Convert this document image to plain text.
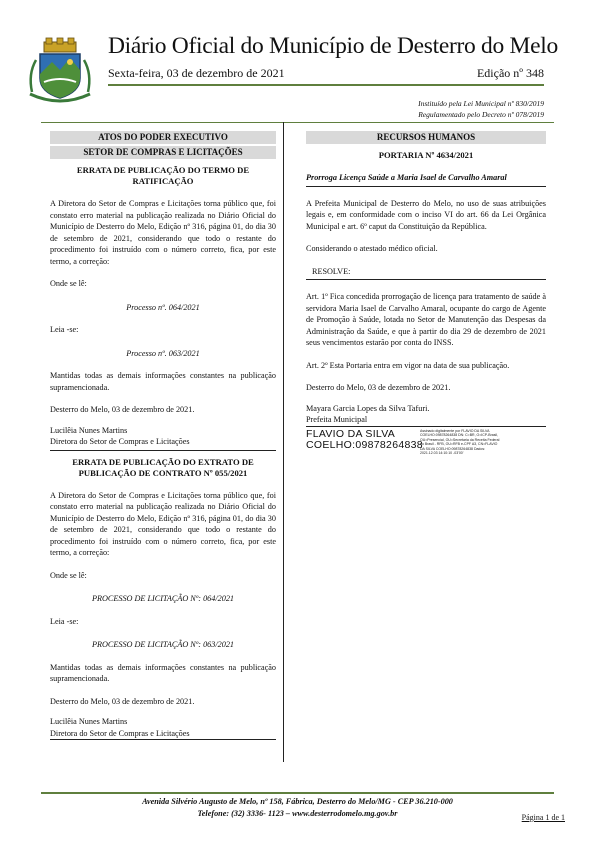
Diário Oficial do Município de Desterro do Melo
Sexta-feira, 03 de dezembro de 2021	Edição nº 348
Instituído pela Lei Municipal nº 830/2019
Regulamentado pelo Decreto nº 078/2019
ATOS DO PODER EXECUTIVO
SETOR DE COMPRAS E LICITAÇÕES
ERRATA DE PUBLICAÇÃO DO TERMO DE RATIFICAÇÃO

A Diretora do Setor de Compras e Licitações torna público que, foi constato erro material na publicação realizada no Diário Oficial do Município de Desterro do Melo, Edição nº 316, página 01, do dia 30 de setembro de 2021, considerando que todo o restante do procedimento foi instruído com o número correto, fica, por este termo, a correção:

Onde se lê:

Processo nº. 064/2021

Leia -se:

Processo nº. 063/2021

Mantidas todas as demais informações constantes na publicação supramencionada.

Desterro do Melo, 03 de dezembro de 2021.

Lucilêia Nunes Martins

Diretora do Setor de Compras e Licitações

ERRATA DE PUBLICAÇÃO DO EXTRATO DE PUBLICAÇÃO DE CONTRATO Nº 055/2021

A Diretora do Setor de Compras e Licitações torna público que, foi constato erro material na publicação realizada no Diário Oficial do Município de Desterro do Melo, Edição nº 316, página 01, do dia 30 de setembro de 2021, considerando que todo o restante do procedimento foi instruído com o número correto, fica, por este termo, a correção:

Onde se lê:

PROCESSO DE LICITAÇÃO Nº: 064/2021

Leia -se:

PROCESSO DE LICITAÇÃO Nº: 063/2021

Mantidas todas as demais informações constantes na publicação supramencionada.

Desterro do Melo, 03 de dezembro de 2021.

Lucilêia Nunes Martins

Diretora do Setor de Compras e Licitações
RECURSOS HUMANOS
PORTARIA Nº 4634/2021

Prorroga Licença Saúde a Maria Isael de Carvalho Amaral

A Prefeita Municipal de Desterro do Melo, no uso de suas atribuições legais e, em conformidade com o inciso VI do art. 66 da Lei Orgânica Municipal e art. 6º caput da Constituição da República.

Considerando o atestado médico oficial.

RESOLVE:

Art. 1º Fica concedida prorrogação de licença para tratamento de saúde à servidora Maria Isael de Carvalho Amaral, ocupante do cargo de Agente de Promoção à Saúde, lotada no Setor de Manutenção das Despesas da Administração da Saúde, e que à partir do dia 29 de dezembro de 2021 seus vencimentos estarão por conta do INSS.

Art. 2º Esta Portaria entra em vigor na data de sua publicação.

Desterro do Melo, 03 de dezembro de 2021.

Mayara Garcia Lopes da Silva Tafuri.

Prefeita Municipal
FLAVIO DA SILVA
COELHO:09878264838
Assinado digitalmente por FLAVIO DA SILVA COELHO:09878264838 DN: C=BR, O=ICP-Brasil, OU=Presencial, OU=Secretaria da Receita Federal do Brasil - RFB, OU=RFB e-CPF A3, CN=FLAVIO DA SILVA COELHO:09878264838 Dados: 2021.12.03 14:10:10 -03'00'
Avenida Silvério Augusto de Melo, nº 158, Fábrica, Desterro do Melo/MG - CEP 36.210-000
Telefone: (32) 3336- 1123 – www.desterrodomelo.mg.gov.br	Página 1 de 1
